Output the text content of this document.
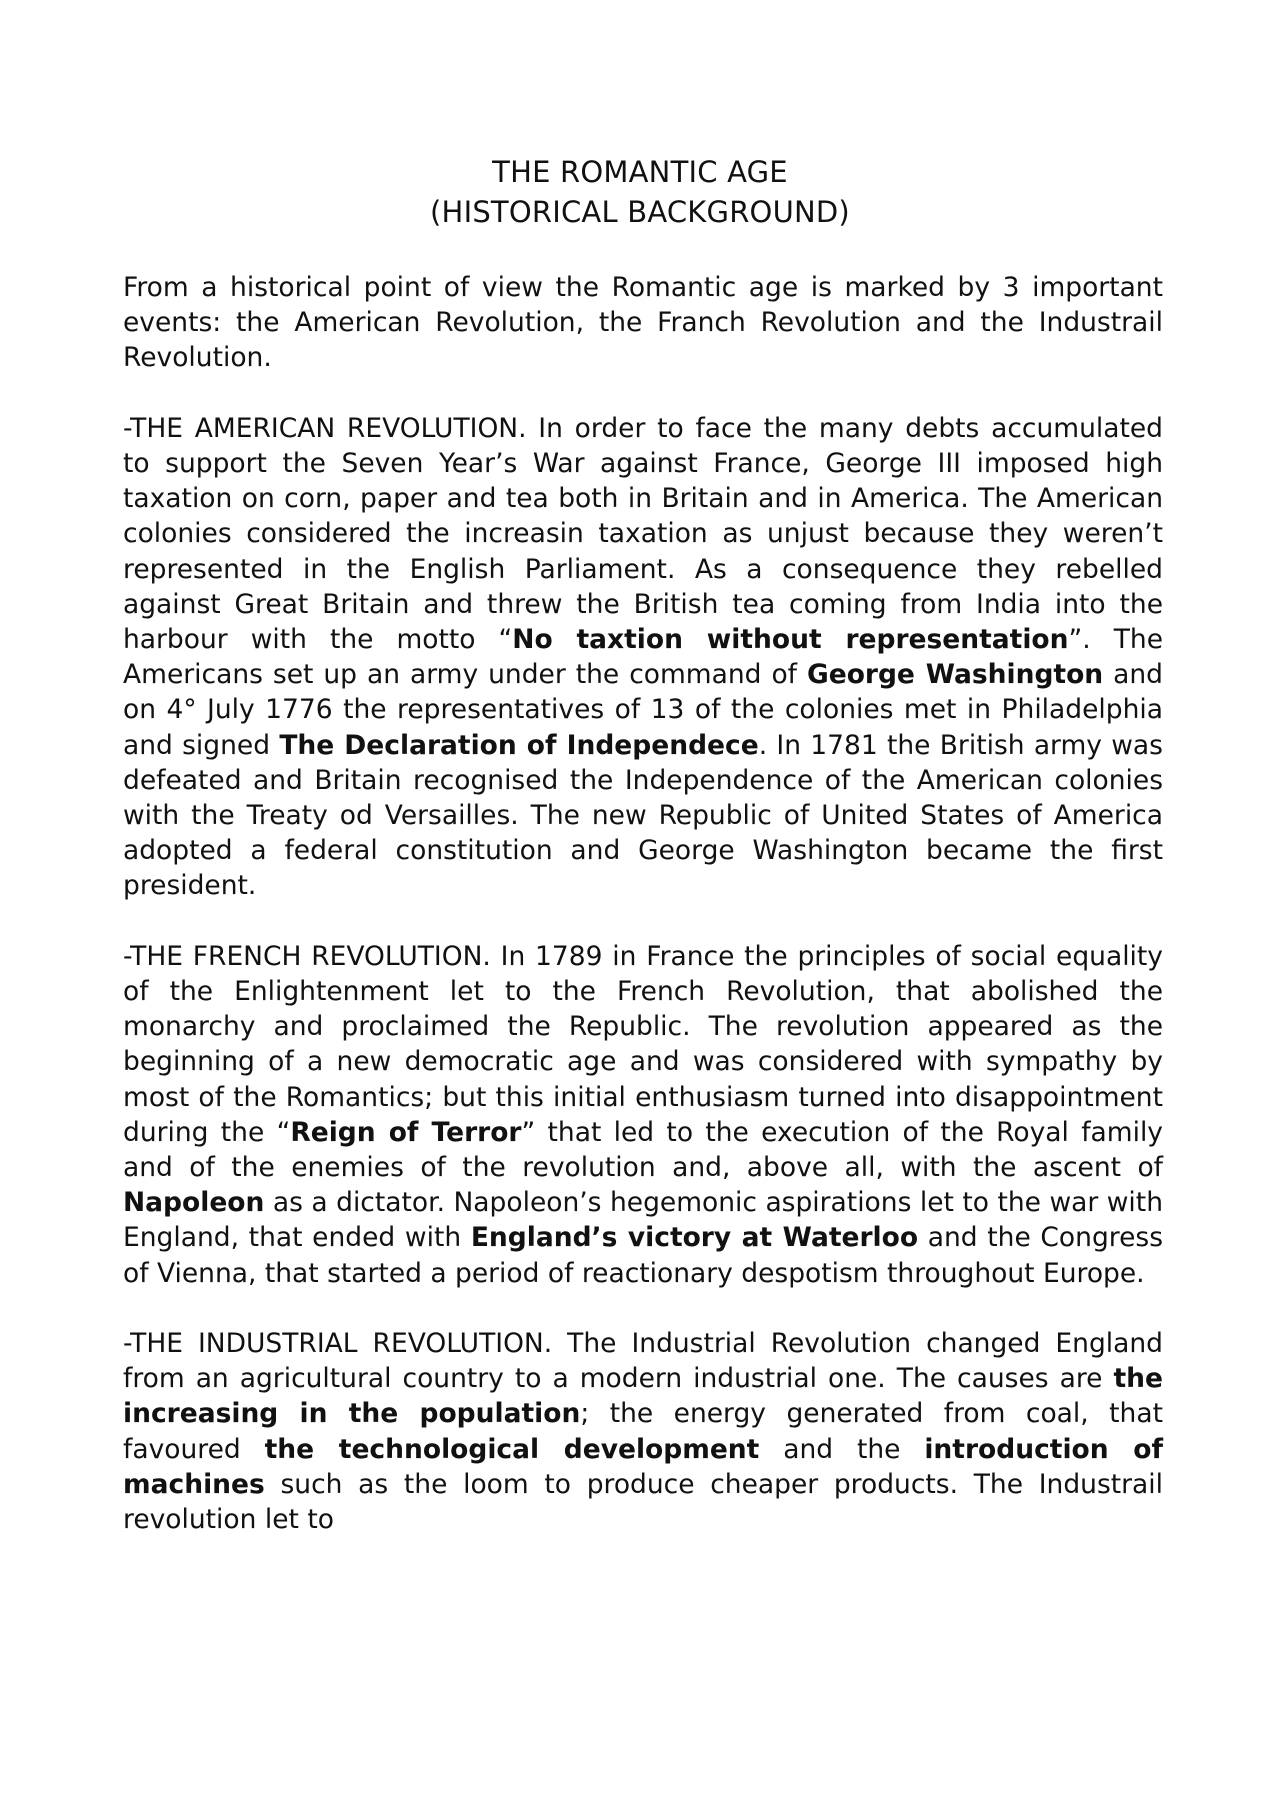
THE ROMANTIC AGE
(HISTORICAL BACKGROUND)

From a historical point of view the Romantic age is marked by 3 important events: the American Revolution, the Franch Revolution and the Industrail Revolution.

-THE AMERICAN REVOLUTION. In order to face the many debts accumulated to support the Seven Year’s War against France, George III imposed high taxation on corn, paper and tea both in Britain and in America. The American colonies considered the increasin taxation as unjust because they weren’t represented in the English Parliament. As a consequence they rebelled against Great Britain and threw the British tea coming from India into the harbour with the motto “No taxtion without representation”. The Americans set up an army under the command of George Washington and on 4° July 1776 the representatives of 13 of the colonies met in Philadelphia and signed The Declaration of Independece. In 1781 the British army was defeated and Britain recognised the Independence of the American colonies with the Treaty od Versailles. The new Republic of United States of America adopted a federal constitution and George Washington became the first president.

-THE FRENCH REVOLUTION. In 1789 in France the principles of social equality of the Enlightenment let to the French Revolution, that abolished the monarchy and proclaimed the Republic. The revolution appeared as the beginning of a new democratic age and was considered with sympathy by most of the Romantics; but this initial enthusiasm turned into disappointment during the “Reign of Terror” that led to the execution of the Royal family and of the enemies of the revolution and, above all, with the ascent of Napoleon as a dictator. Napoleon’s hegemonic aspirations let to the war with England, that ended with England’s victory at Waterloo and the Congress of Vienna, that started a period of reactionary despotism throughout Europe.

-THE INDUSTRIAL REVOLUTION. The Industrial Revolution changed England from an agricultural country to a modern industrial one. The causes are the increasing in the population; the energy generated from coal, that favoured the technological development and the introduction of machines such as the loom to produce cheaper products. The Industrail revolution let to
